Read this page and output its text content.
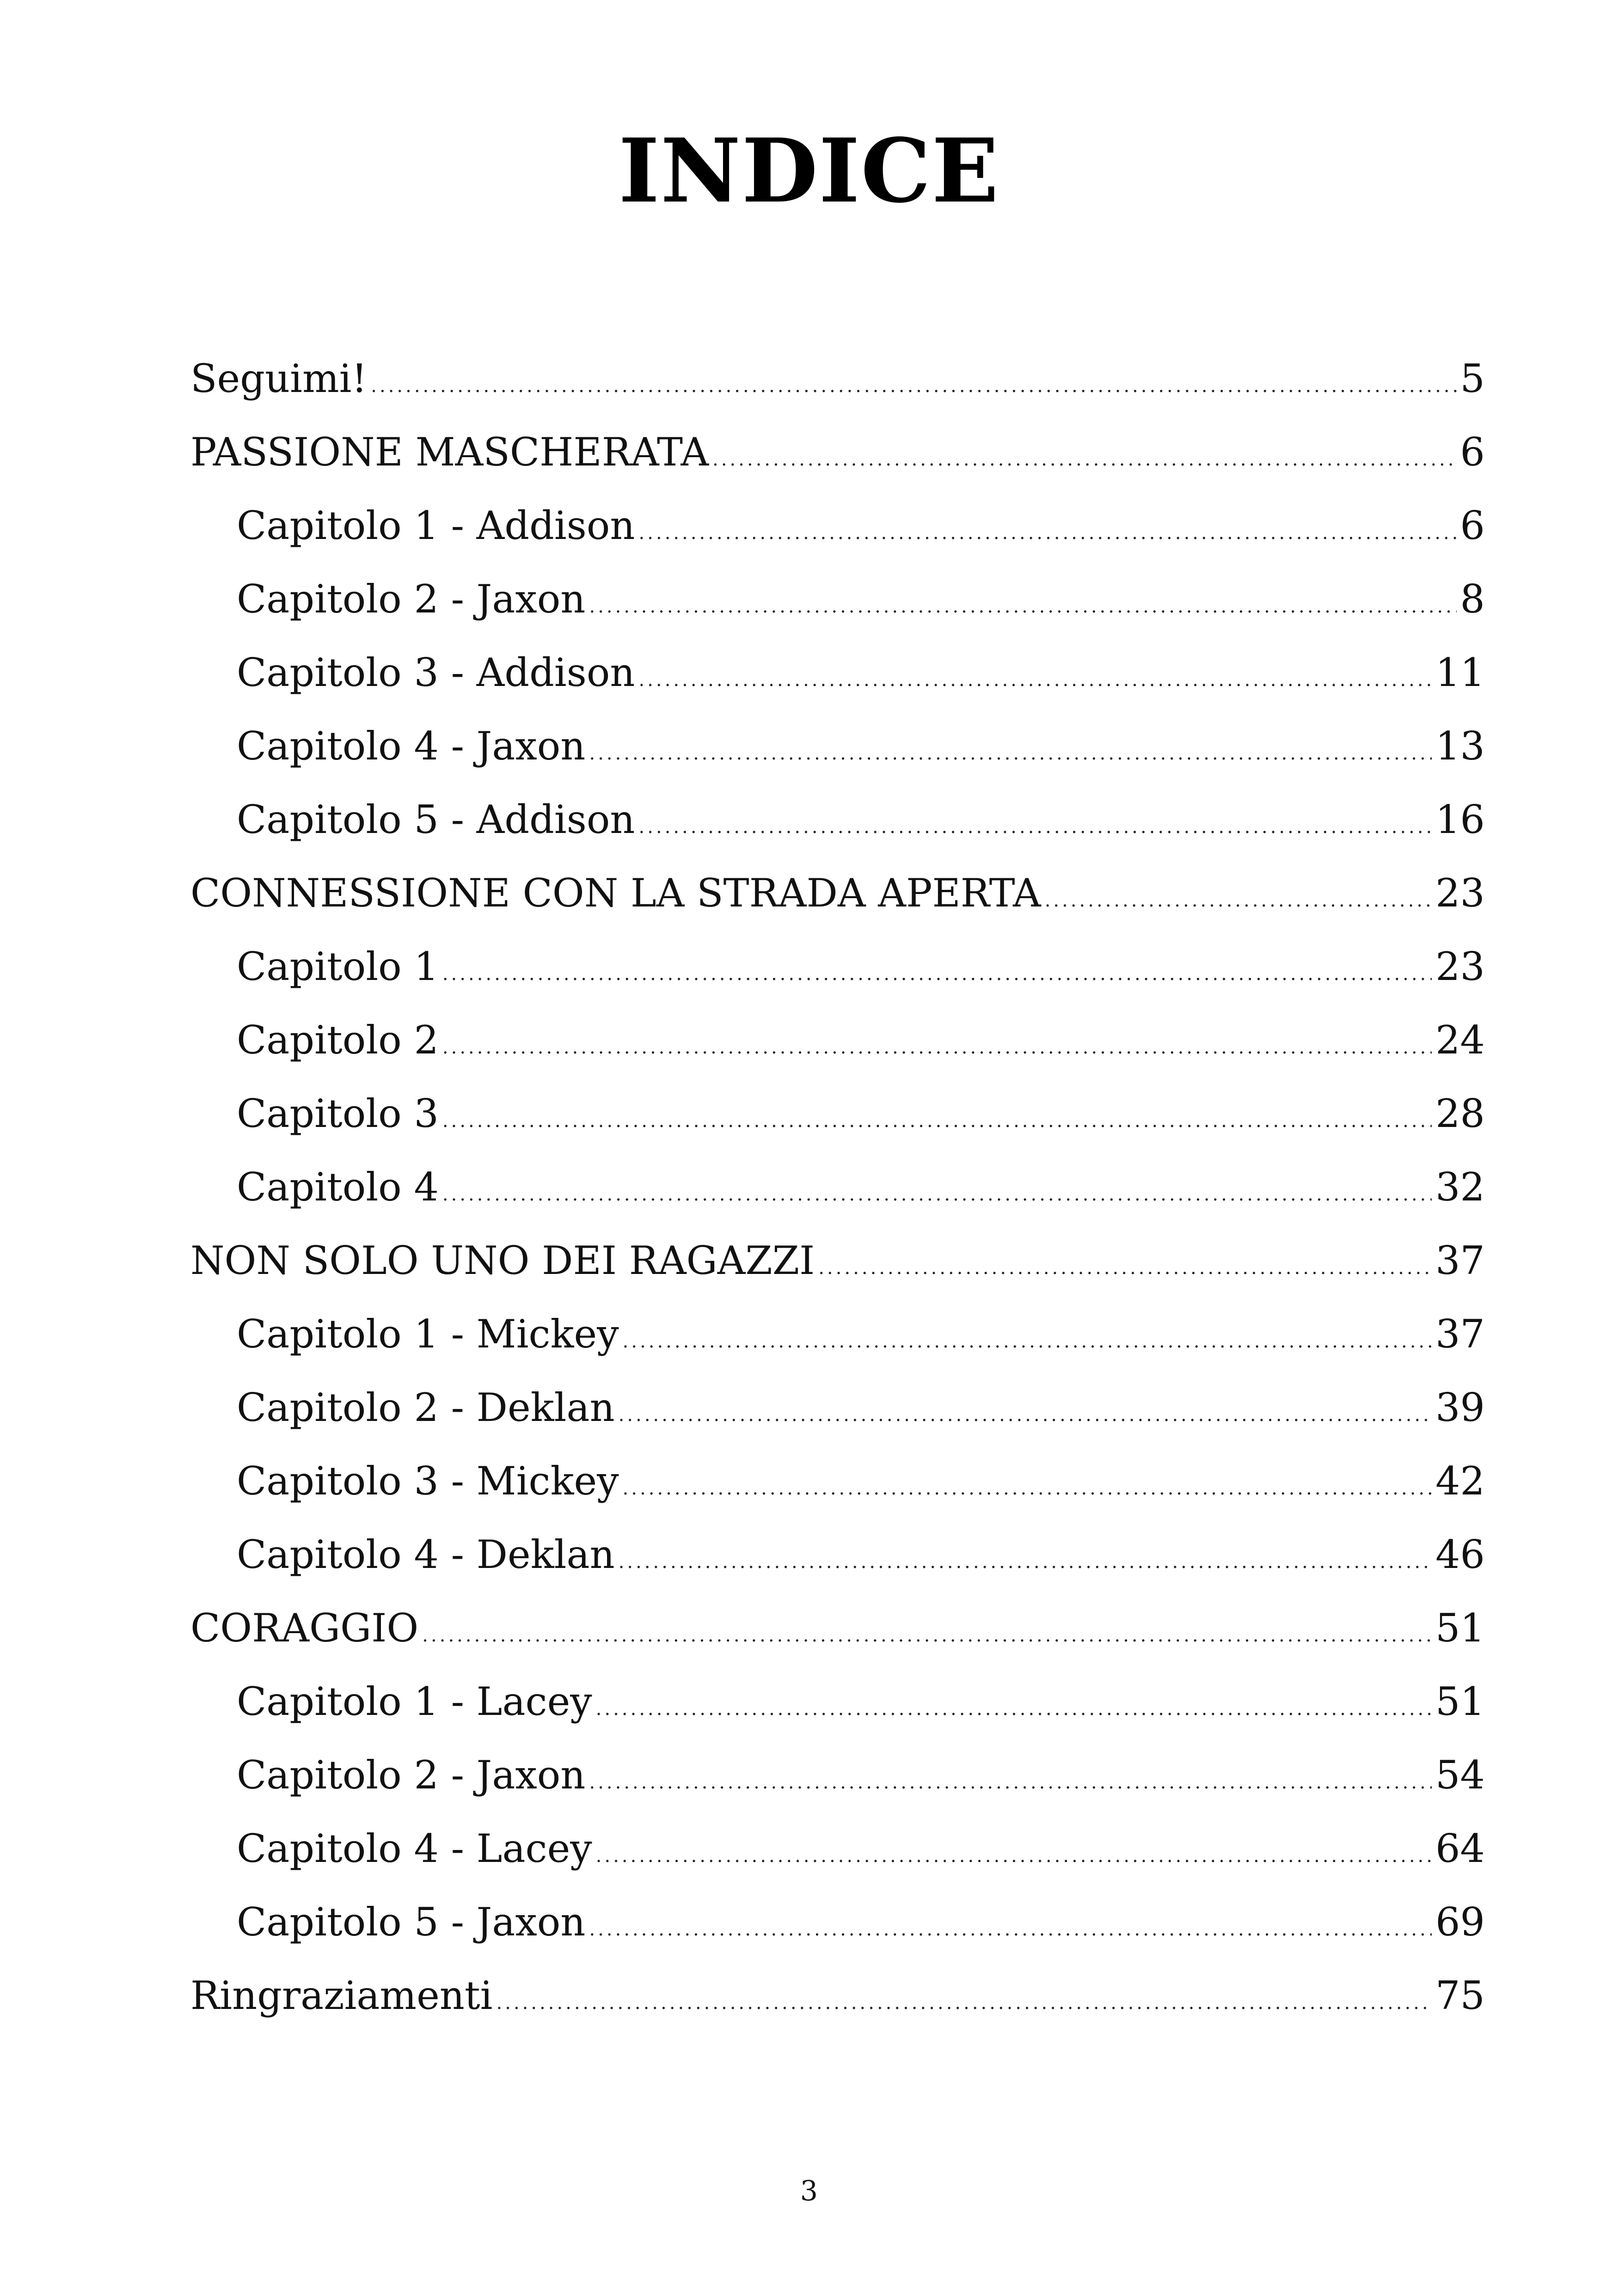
INDICE
Seguimi! .....	5
PASSIONE MASCHERATA .....	6
Capitolo 1 - Addison .....	6
Capitolo 2 - Jaxon .....	8
Capitolo 3 - Addison .....	11
Capitolo 4 - Jaxon .....	13
Capitolo 5 - Addison .....	16
CONNESSIONE CON LA STRADA APERTA .....	23
Capitolo 1 .....	23
Capitolo 2 .....	24
Capitolo 3 .....	28
Capitolo 4 .....	32
NON SOLO UNO DEI RAGAZZI .....	37
Capitolo 1 - Mickey .....	37
Capitolo 2 - Deklan .....	39
Capitolo 3 - Mickey .....	42
Capitolo 4 - Deklan .....	46
CORAGGIO .....	51
Capitolo 1 - Lacey .....	51
Capitolo 2 - Jaxon .....	54
Capitolo 4 - Lacey .....	64
Capitolo 5 - Jaxon .....	69
Ringraziamenti .....	75
3
